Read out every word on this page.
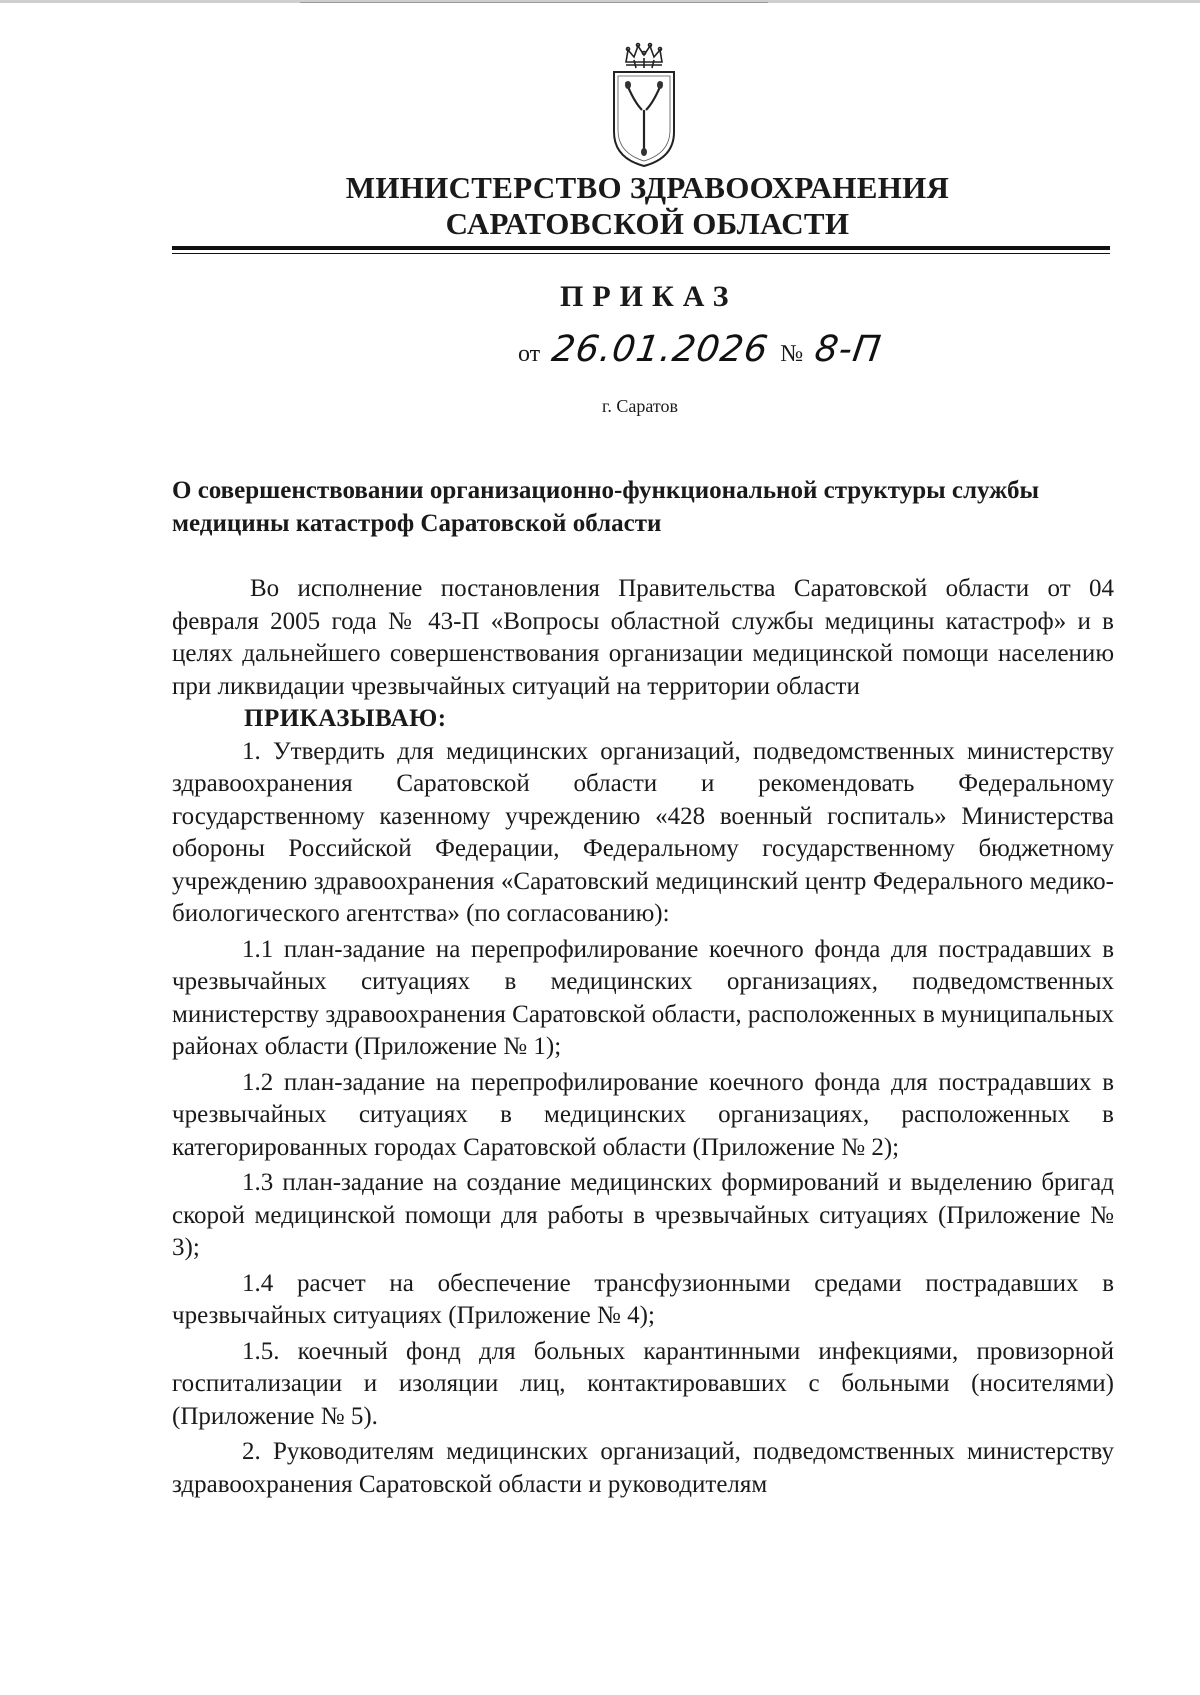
МИНИСТЕРСТВО ЗДРАВООХРАНЕНИЯ
САРАТОВСКОЙ ОБЛАСТИ
ПРИКАЗ
от 26.01.2026 № 8-П
г. Саратов
О совершенствовании организационно-функциональной структуры службы медицины катастроф Саратовской области

Во исполнение постановления Правительства Саратовской области от 04 февраля 2005 года № 43-П «Вопросы областной службы медицины катастроф» и в целях дальнейшего совершенствования организации медицинской помощи населению при ликвидации чрезвычайных ситуаций на территории области

ПРИКАЗЫВАЮ:

1. Утвердить для медицинских организаций, подведомственных министерству здравоохранения Саратовской области и рекомендовать Федеральному государственному казенному учреждению «428 военный госпиталь» Министерства обороны Российской Федерации, Федеральному государственному бюджетному учреждению здравоохранения «Саратовский медицинский центр Федерального медико-биологического агентства» (по согласованию):

1.1 план-задание на перепрофилирование коечного фонда для пострадавших в чрезвычайных ситуациях в медицинских организациях, подведомственных министерству здравоохранения Саратовской области, расположенных в муниципальных районах области (Приложение № 1);

1.2 план-задание на перепрофилирование коечного фонда для пострадавших в чрезвычайных ситуациях в медицинских организациях, расположенных в категорированных городах Саратовской области (Приложение № 2);

1.3 план-задание на создание медицинских формирований и выделению бригад скорой медицинской помощи для работы в чрезвычайных ситуациях (Приложение № 3);

1.4 расчет на обеспечение трансфузионными средами пострадавших в чрезвычайных ситуациях (Приложение № 4);

1.5. коечный фонд для больных карантинными инфекциями, провизорной госпитализации и изоляции лиц, контактировавших с больными (носителями) (Приложение № 5).

2. Руководителям медицинских организаций, подведомственных министерству здравоохранения Саратовской области и руководителям
